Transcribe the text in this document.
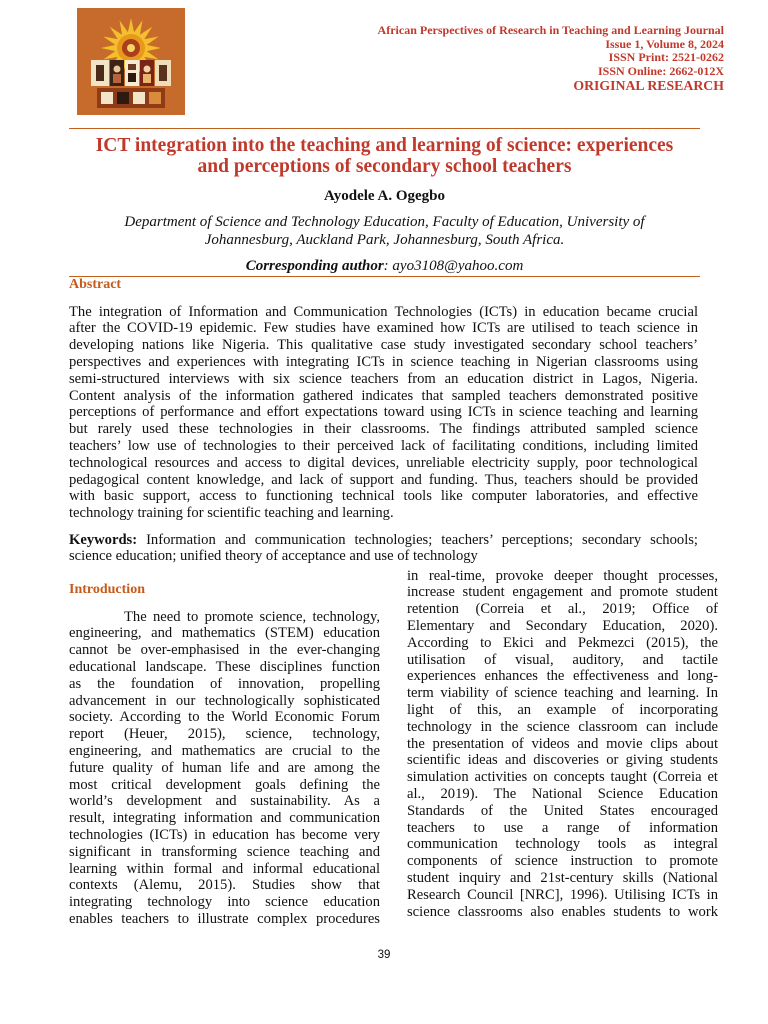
African Perspectives of Research in Teaching and Learning Journal
Issue 1, Volume 8, 2024
ISSN Print: 2521-0262
ISSN Online: 2662-012X
ORIGINAL RESEARCH
ICT integration into the teaching and learning of science: experiences
and perceptions of secondary school teachers
Ayodele A. Ogegbo
Department of Science and Technology Education, Faculty of Education, University of
Johannesburg, Auckland Park, Johannesburg, South Africa.
Corresponding author: ayo3108@yahoo.com
Abstract
The integration of Information and Communication Technologies (ICTs) in education became crucial
after the COVID-19 epidemic. Few studies have examined how ICTs are utilised to teach science in
developing nations like Nigeria. This qualitative case study investigated secondary school teachers’
perspectives and experiences with integrating ICTs in science teaching in Nigerian classrooms using
semi-structured interviews with six science teachers from an education district in Lagos, Nigeria.
Content analysis of the information gathered indicates that sampled teachers demonstrated positive
perceptions of performance and effort expectations toward using ICTs in science teaching and learning
but rarely used these technologies in their classrooms. The findings attributed sampled science
teachers’ low use of technologies to their perceived lack of facilitating conditions, including limited
technological resources and access to digital devices, unreliable electricity supply, poor technological
pedagogical content knowledge, and lack of support and funding. Thus, teachers should be provided
with basic support, access to functioning technical tools like computer laboratories, and effective
technology training for scientific teaching and learning.
Keywords: Information and communication technologies; teachers’ perceptions; secondary schools;
science education; unified theory of acceptance and use of technology
Introduction
The need to promote science, technology,
engineering, and mathematics (STEM) education
cannot be over-emphasised in the ever-changing
educational landscape. These disciplines function
as the foundation of innovation, propelling
advancement in our technologically sophisticated
society. According to the World Economic Forum
report (Heuer, 2015), science, technology,
engineering, and mathematics are crucial to the
future quality of human life and are among the
most critical development goals defining the
world’s development and sustainability. As a
result, integrating information and communication
technologies (ICTs) in education has become very
significant in transforming science teaching and
learning within formal and informal educational
contexts (Alemu, 2015). Studies show that
integrating technology into science education
enables teachers to illustrate complex procedures
in real-time, provoke deeper thought processes,
increase student engagement and promote student
retention (Correia et al., 2019; Office of
Elementary and Secondary Education, 2020).
According to Ekici and Pekmezci (2015), the
utilisation of visual, auditory, and tactile
experiences enhances the effectiveness and long-
term viability of science teaching and learning. In
light of this, an example of incorporating
technology in the science classroom can include
the presentation of videos and movie clips about
scientific ideas and discoveries or giving students
simulation activities on concepts taught (Correia et
al., 2019). The National Science Education
Standards of the United States encouraged
teachers to use a range of information
communication technology tools as integral
components of science instruction to promote
student inquiry and 21st-century skills (National
Research Council [NRC], 1996). Utilising ICTs in
science classrooms also enables students to work
39
